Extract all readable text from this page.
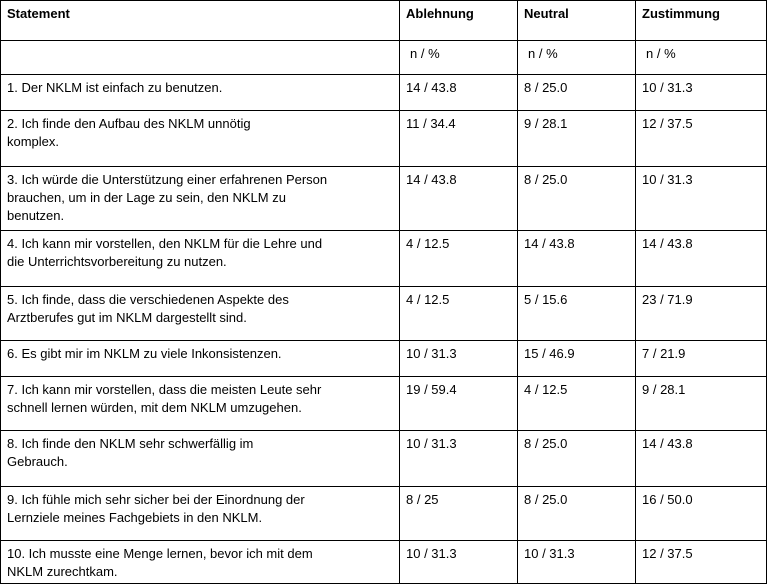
Statement	Ablehnung	Neutral	Zustimmung
	n / %	n / %	n / %

1. Der NKLM ist einfach zu benutzen.	14 / 43.8	8 / 25.0	10 / 31.3

2. Ich finde den Aufbau des NKLM unnötig
komplex.	11 / 34.4	9 / 28.1	12 / 37.5

3. Ich würde die Unterstützung einer erfahrenen Person
brauchen, um in der Lage zu sein, den NKLM zu
benutzen.	14 / 43.8	8 / 25.0	10 / 31.3

4. Ich kann mir vorstellen, den NKLM für die Lehre und
die Unterrichtsvorbereitung zu nutzen.	4 / 12.5	14 / 43.8	14 / 43.8

5. Ich finde, dass die verschiedenen Aspekte des
Arztberufes gut im NKLM dargestellt sind.	4 / 12.5	5 / 15.6	23 / 71.9

6. Es gibt mir im NKLM zu viele Inkonsistenzen.	10 / 31.3	15 / 46.9	7 / 21.9

7. Ich kann mir vorstellen, dass die meisten Leute sehr
schnell lernen würden, mit dem NKLM umzugehen.	19 / 59.4	4 / 12.5	9 / 28.1

8. Ich finde den NKLM sehr schwerfällig im
Gebrauch.	10 / 31.3	8 / 25.0	14 / 43.8

9. Ich fühle mich sehr sicher bei der Einordnung der
Lernziele meines Fachgebiets in den NKLM.	8 / 25	8 / 25.0	16 / 50.0

10. Ich musste eine Menge lernen, bevor ich mit dem
NKLM zurechtkam.	10 / 31.3	10 / 31.3	12 / 37.5
